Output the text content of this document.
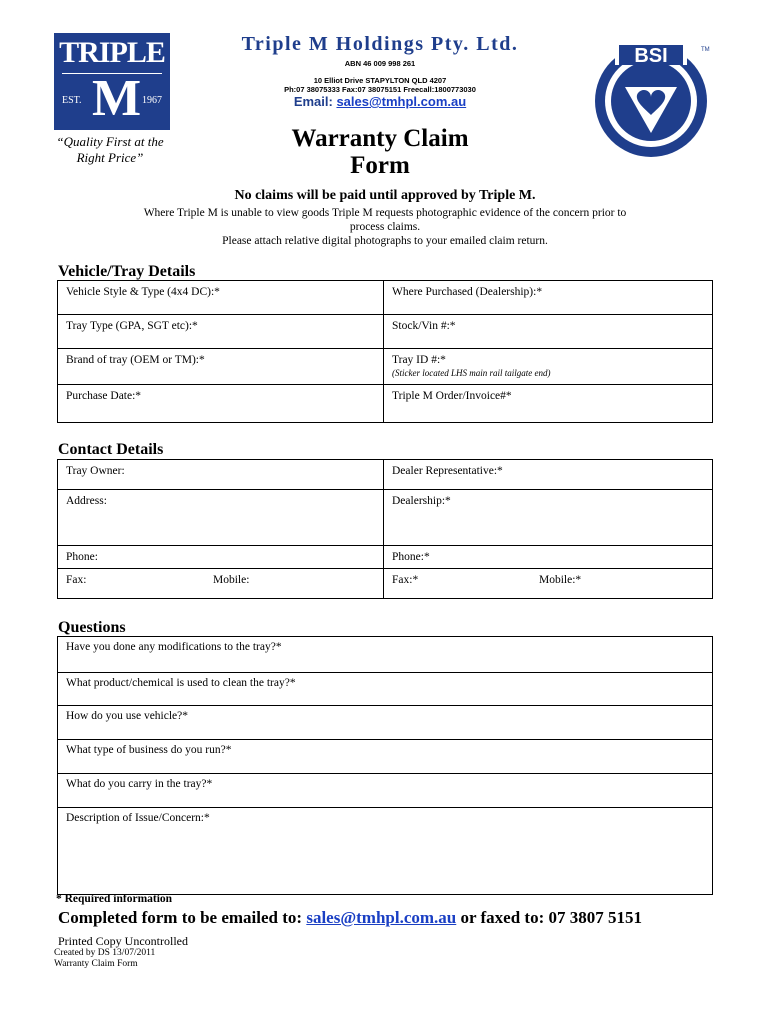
TRIPLE
M
EST.	1967
“Quality First at the Right Price”
Triple M Holdings Pty. Ltd.
ABN 46 009 998 261
10 Elliot Drive STAPYLTON QLD 4207
Ph:07 38075333 Fax:07 38075151 Freecall:1800773030
Email: sales@tmhpl.com.au
Warranty Claim
Form
BSI	TM
No claims will be paid until approved by Triple M.
Where Triple M is unable to view goods Triple M requests photographic evidence of the concern prior to
process claims.
Please attach relative digital photographs to your emailed claim return.
Vehicle/Tray Details
Vehicle Style & Type (4x4 DC):*	Where Purchased (Dealership):*
Tray Type (GPA, SGT etc):*	Stock/Vin #:*
Brand of tray (OEM or TM):*	Tray ID #:*
(Sticker located LHS main rail tailgate end)

Purchase Date:*	Triple M Order/Invoice#*
Contact Details
Tray Owner:	Dealer Representative:*
Address:	Dealership:*
Phone:	Phone:*

Fax: Mobile:	Fax:* Mobile:*
Questions
Have you done any modifications to the tray?*
What product/chemical is used to clean the tray?*
How do you use vehicle?*
What type of business do you run?*
What do you carry in the tray?*
Description of Issue/Concern:*
* Required information
Completed form to be emailed to: sales@tmhpl.com.au or faxed to: 07 3807 5151
Printed Copy Uncontrolled
Created by DS 13/07/2011
Warranty Claim Form
